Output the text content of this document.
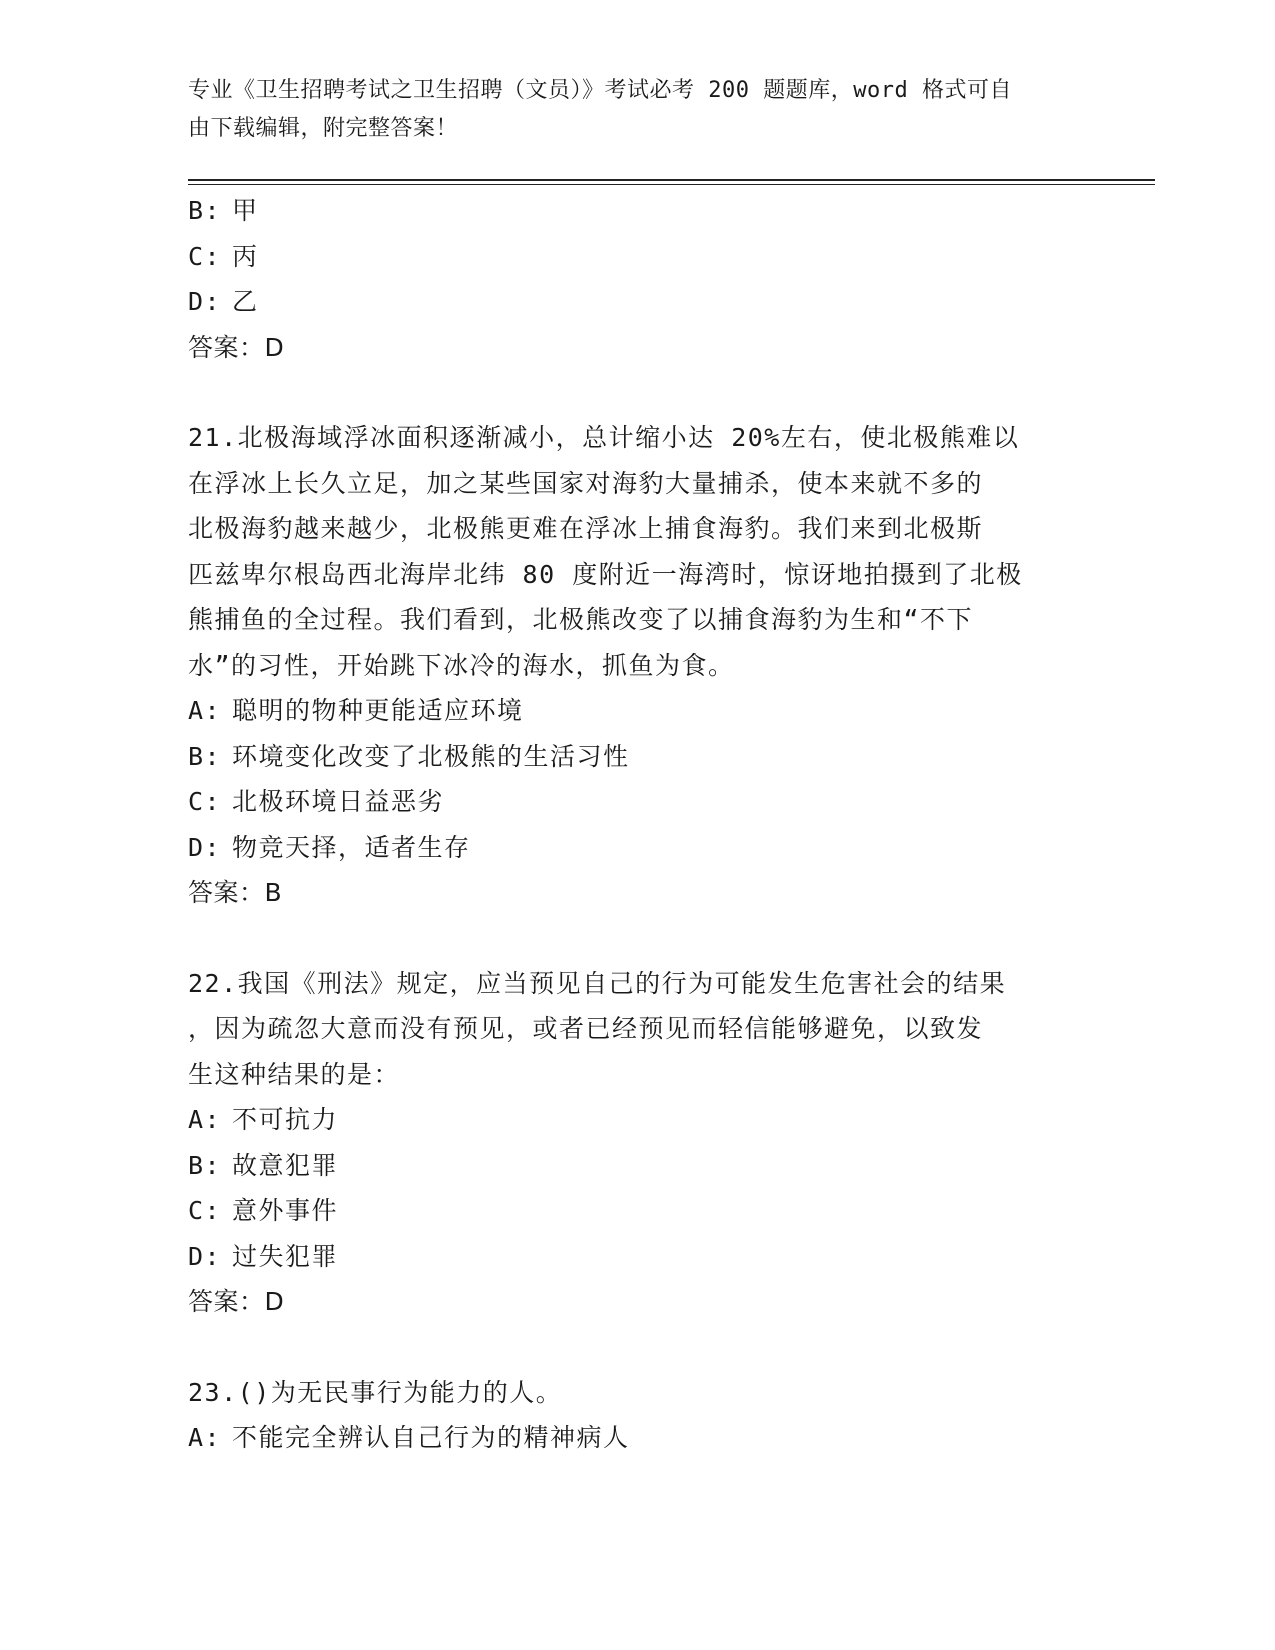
专业《卫生招聘考试之卫生招聘（文员）》考试必考 200 题题库，word 格式可自
由下载编辑，附完整答案！
B: 甲
C: 丙
D: 乙
答案：D
21.北极海域浮冰面积逐渐减小，总计缩小达 20%左右，使北极熊难以
在浮冰上长久立足，加之某些国家对海豹大量捕杀，使本来就不多的
北极海豹越来越少，北极熊更难在浮冰上捕食海豹。我们来到北极斯
匹兹卑尔根岛西北海岸北纬 80 度附近一海湾时，惊讶地拍摄到了北极
熊捕鱼的全过程。我们看到，北极熊改变了以捕食海豹为生和“不下
水”的习性，开始跳下冰冷的海水，抓鱼为食。
A: 聪明的物种更能适应环境
B: 环境变化改变了北极熊的生活习性
C: 北极环境日益恶劣
D: 物竞天择，适者生存
答案：B
22.我国《刑法》规定，应当预见自己的行为可能发生危害社会的结果
，因为疏忽大意而没有预见，或者已经预见而轻信能够避免，以致发
生这种结果的是：
A: 不可抗力
B: 故意犯罪
C: 意外事件
D: 过失犯罪
答案：D
23.()为无民事行为能力的人。
A: 不能完全辨认自己行为的精神病人
